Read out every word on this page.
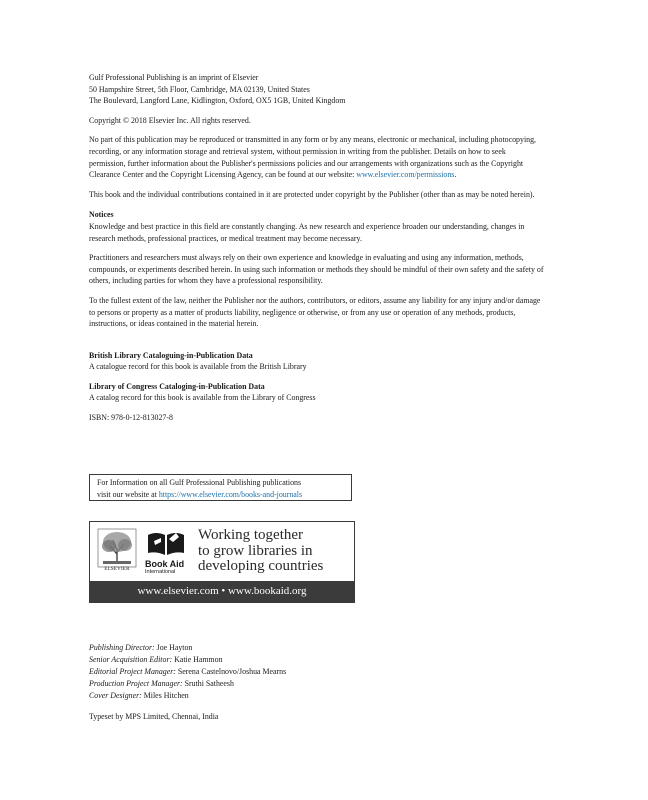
Gulf Professional Publishing is an imprint of Elsevier

50 Hampshire Street, 5th Floor, Cambridge, MA 02139, United States

The Boulevard, Langford Lane, Kidlington, Oxford, OX5 1GB, United Kingdom

Copyright © 2018 Elsevier Inc. All rights reserved.

No part of this publication may be reproduced or transmitted in any form or by any means, electronic or mechanical, including photocopying, recording, or any information storage and retrieval system, without permission in writing from the publisher. Details on how to seek permission, further information about the Publisher's permissions policies and our arrangements with organizations such as the Copyright Clearance Center and the Copyright Licensing Agency, can be found at our website: www.elsevier.com/permissions.

This book and the individual contributions contained in it are protected under copyright by the Publisher (other than as may be noted herein).

Notices

Knowledge and best practice in this field are constantly changing. As new research and experience broaden our understanding, changes in research methods, professional practices, or medical treatment may become necessary.

Practitioners and researchers must always rely on their own experience and knowledge in evaluating and using any information, methods, compounds, or experiments described herein. In using such information or methods they should be mindful of their own safety and the safety of others, including parties for whom they have a professional responsibility.

To the fullest extent of the law, neither the Publisher nor the authors, contributors, or editors, assume any liability for any injury and/or damage to persons or property as a matter of products liability, negligence or otherwise, or from any use or operation of any methods, products, instructions, or ideas contained in the material herein.

British Library Cataloguing-in-Publication Data

A catalogue record for this book is available from the British Library

Library of Congress Cataloging-in-Publication Data

A catalog record for this book is available from the Library of Congress

ISBN: 978-0-12-813027-8

For Information on all Gulf Professional Publishing publications
visit our website at https://www.elsevier.com/books-and-journals
ELSEVIER
Book Aid
International
Working together
to grow libraries in
developing countries
www.elsevier.com • www.bookaid.org
Publishing Director: Joe Hayton
Senior Acquisition Editor: Katie Hammon
Editorial Project Manager: Serena Castelnovo/Joshua Mearns
Production Project Manager: Sruthi Satheesh
Cover Designer: Miles Hitchen
Typeset by MPS Limited, Chennai, India
